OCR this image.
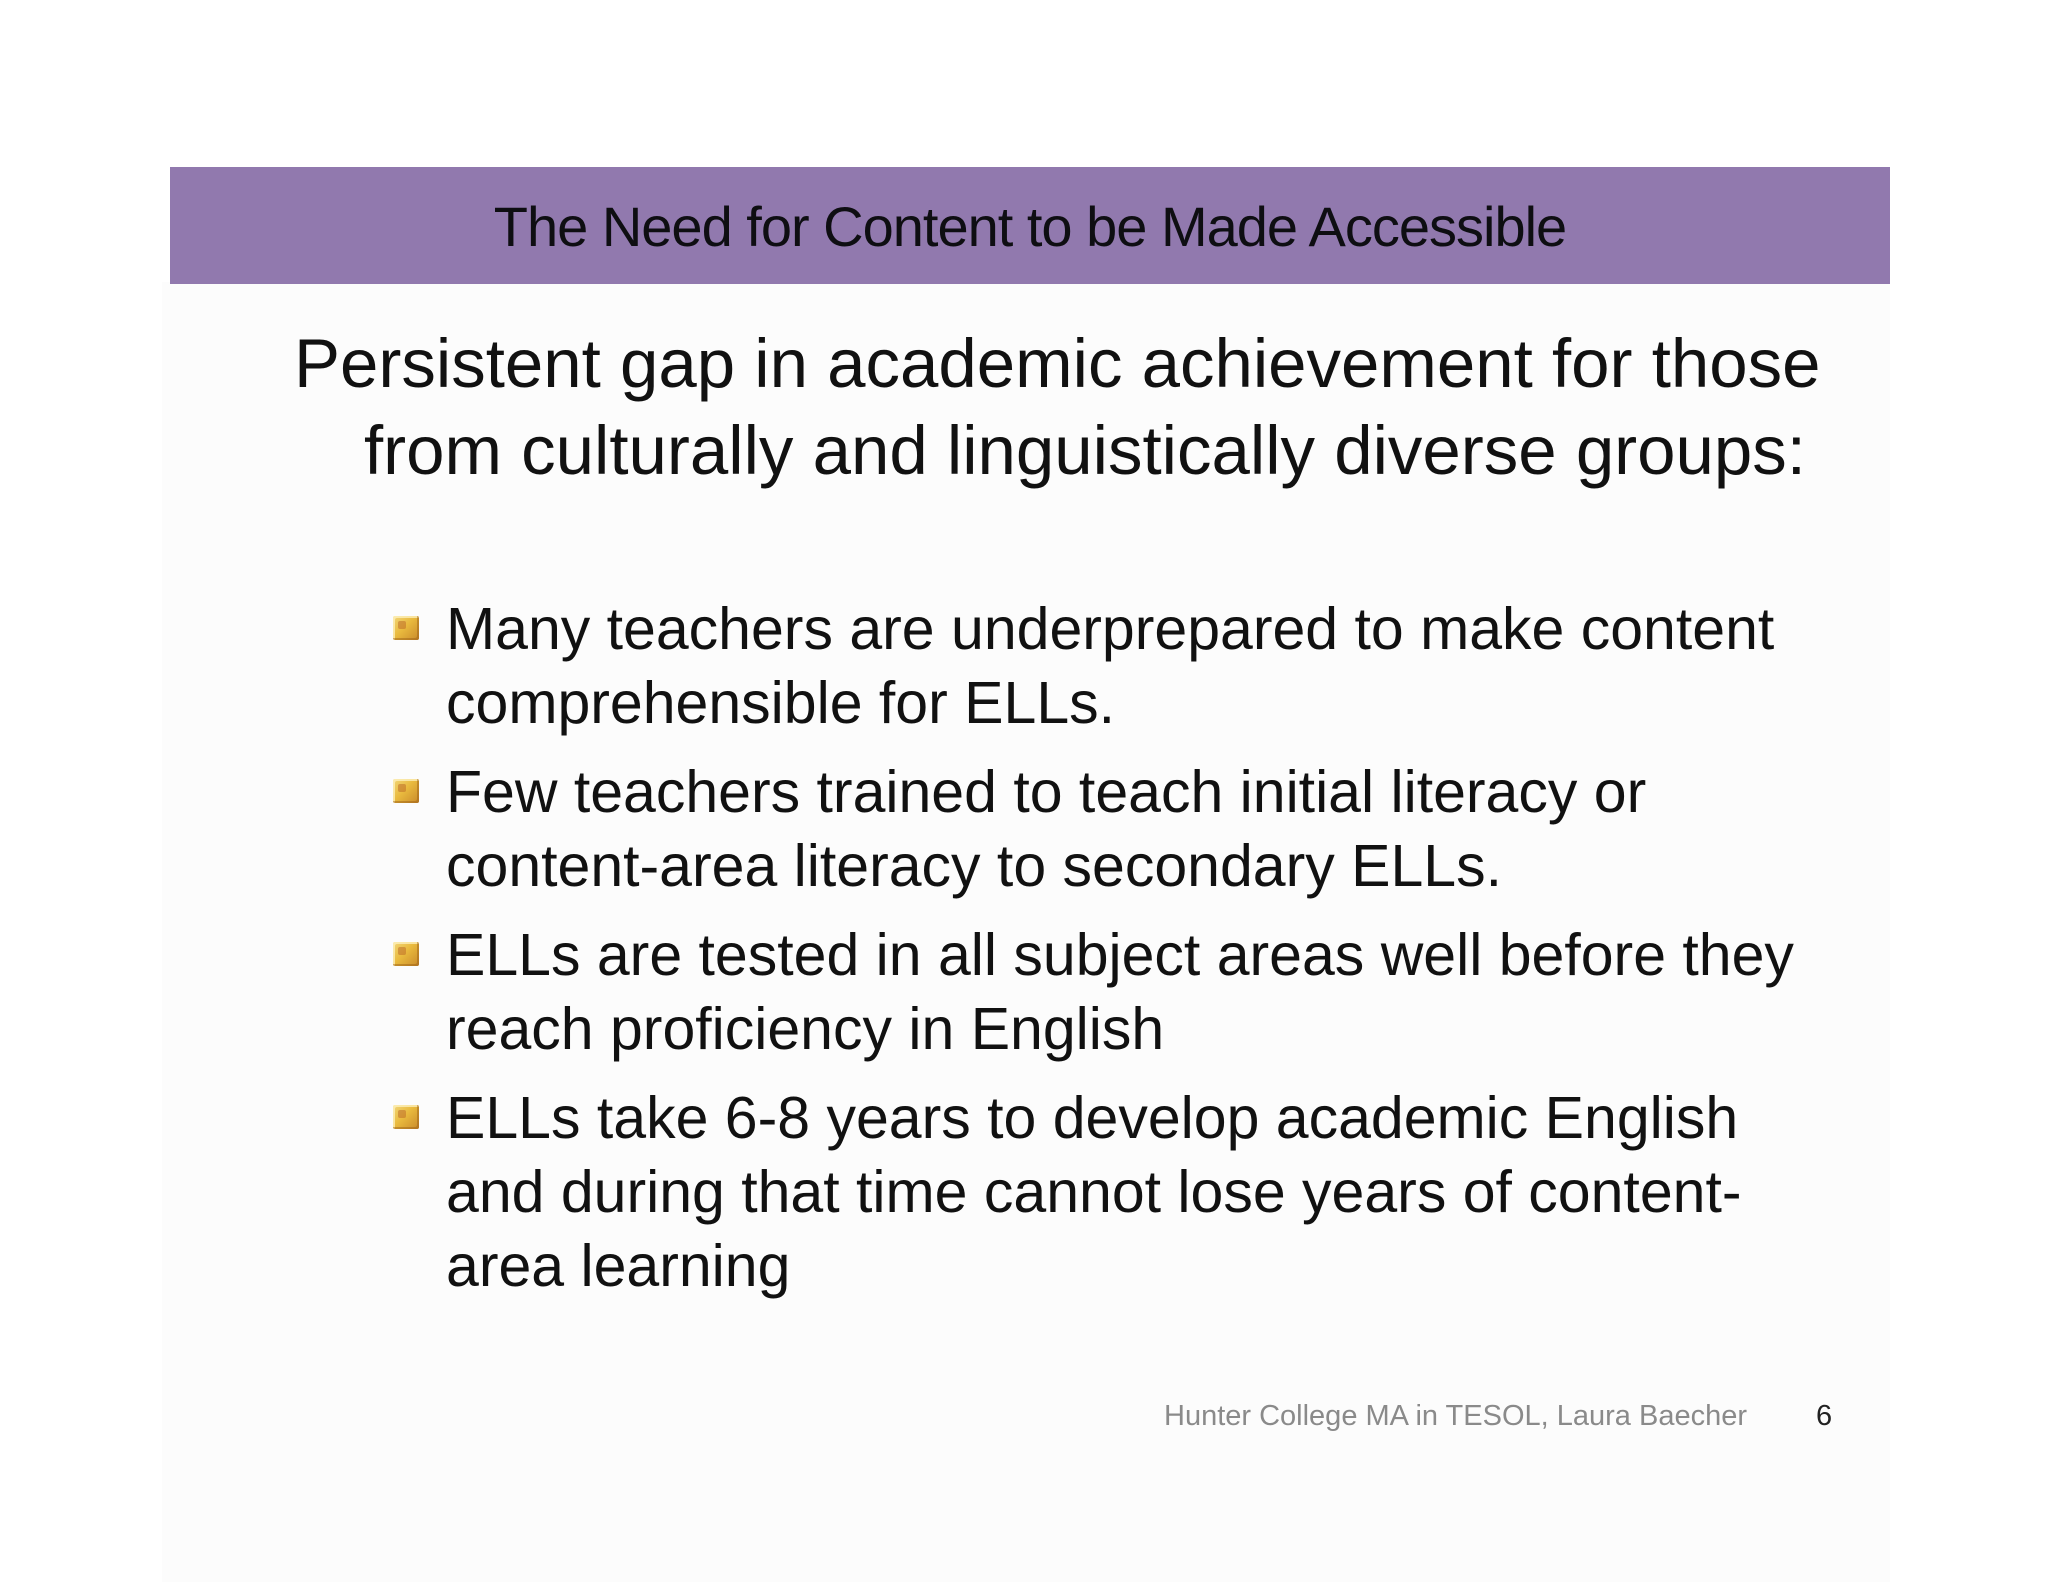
The Need for Content to be Made Accessible
Persistent gap in academic achievement for those from culturally and linguistically diverse groups:
Many teachers are underprepared to make content comprehensible for ELLs.
Few teachers trained to teach initial literacy or content-area literacy to secondary ELLs.
ELLs are tested in all subject areas well before they reach proficiency in English
ELLs take 6-8 years to develop academic English and during that time cannot lose years of content-area learning
Hunter College MA in TESOL, Laura Baecher 6
